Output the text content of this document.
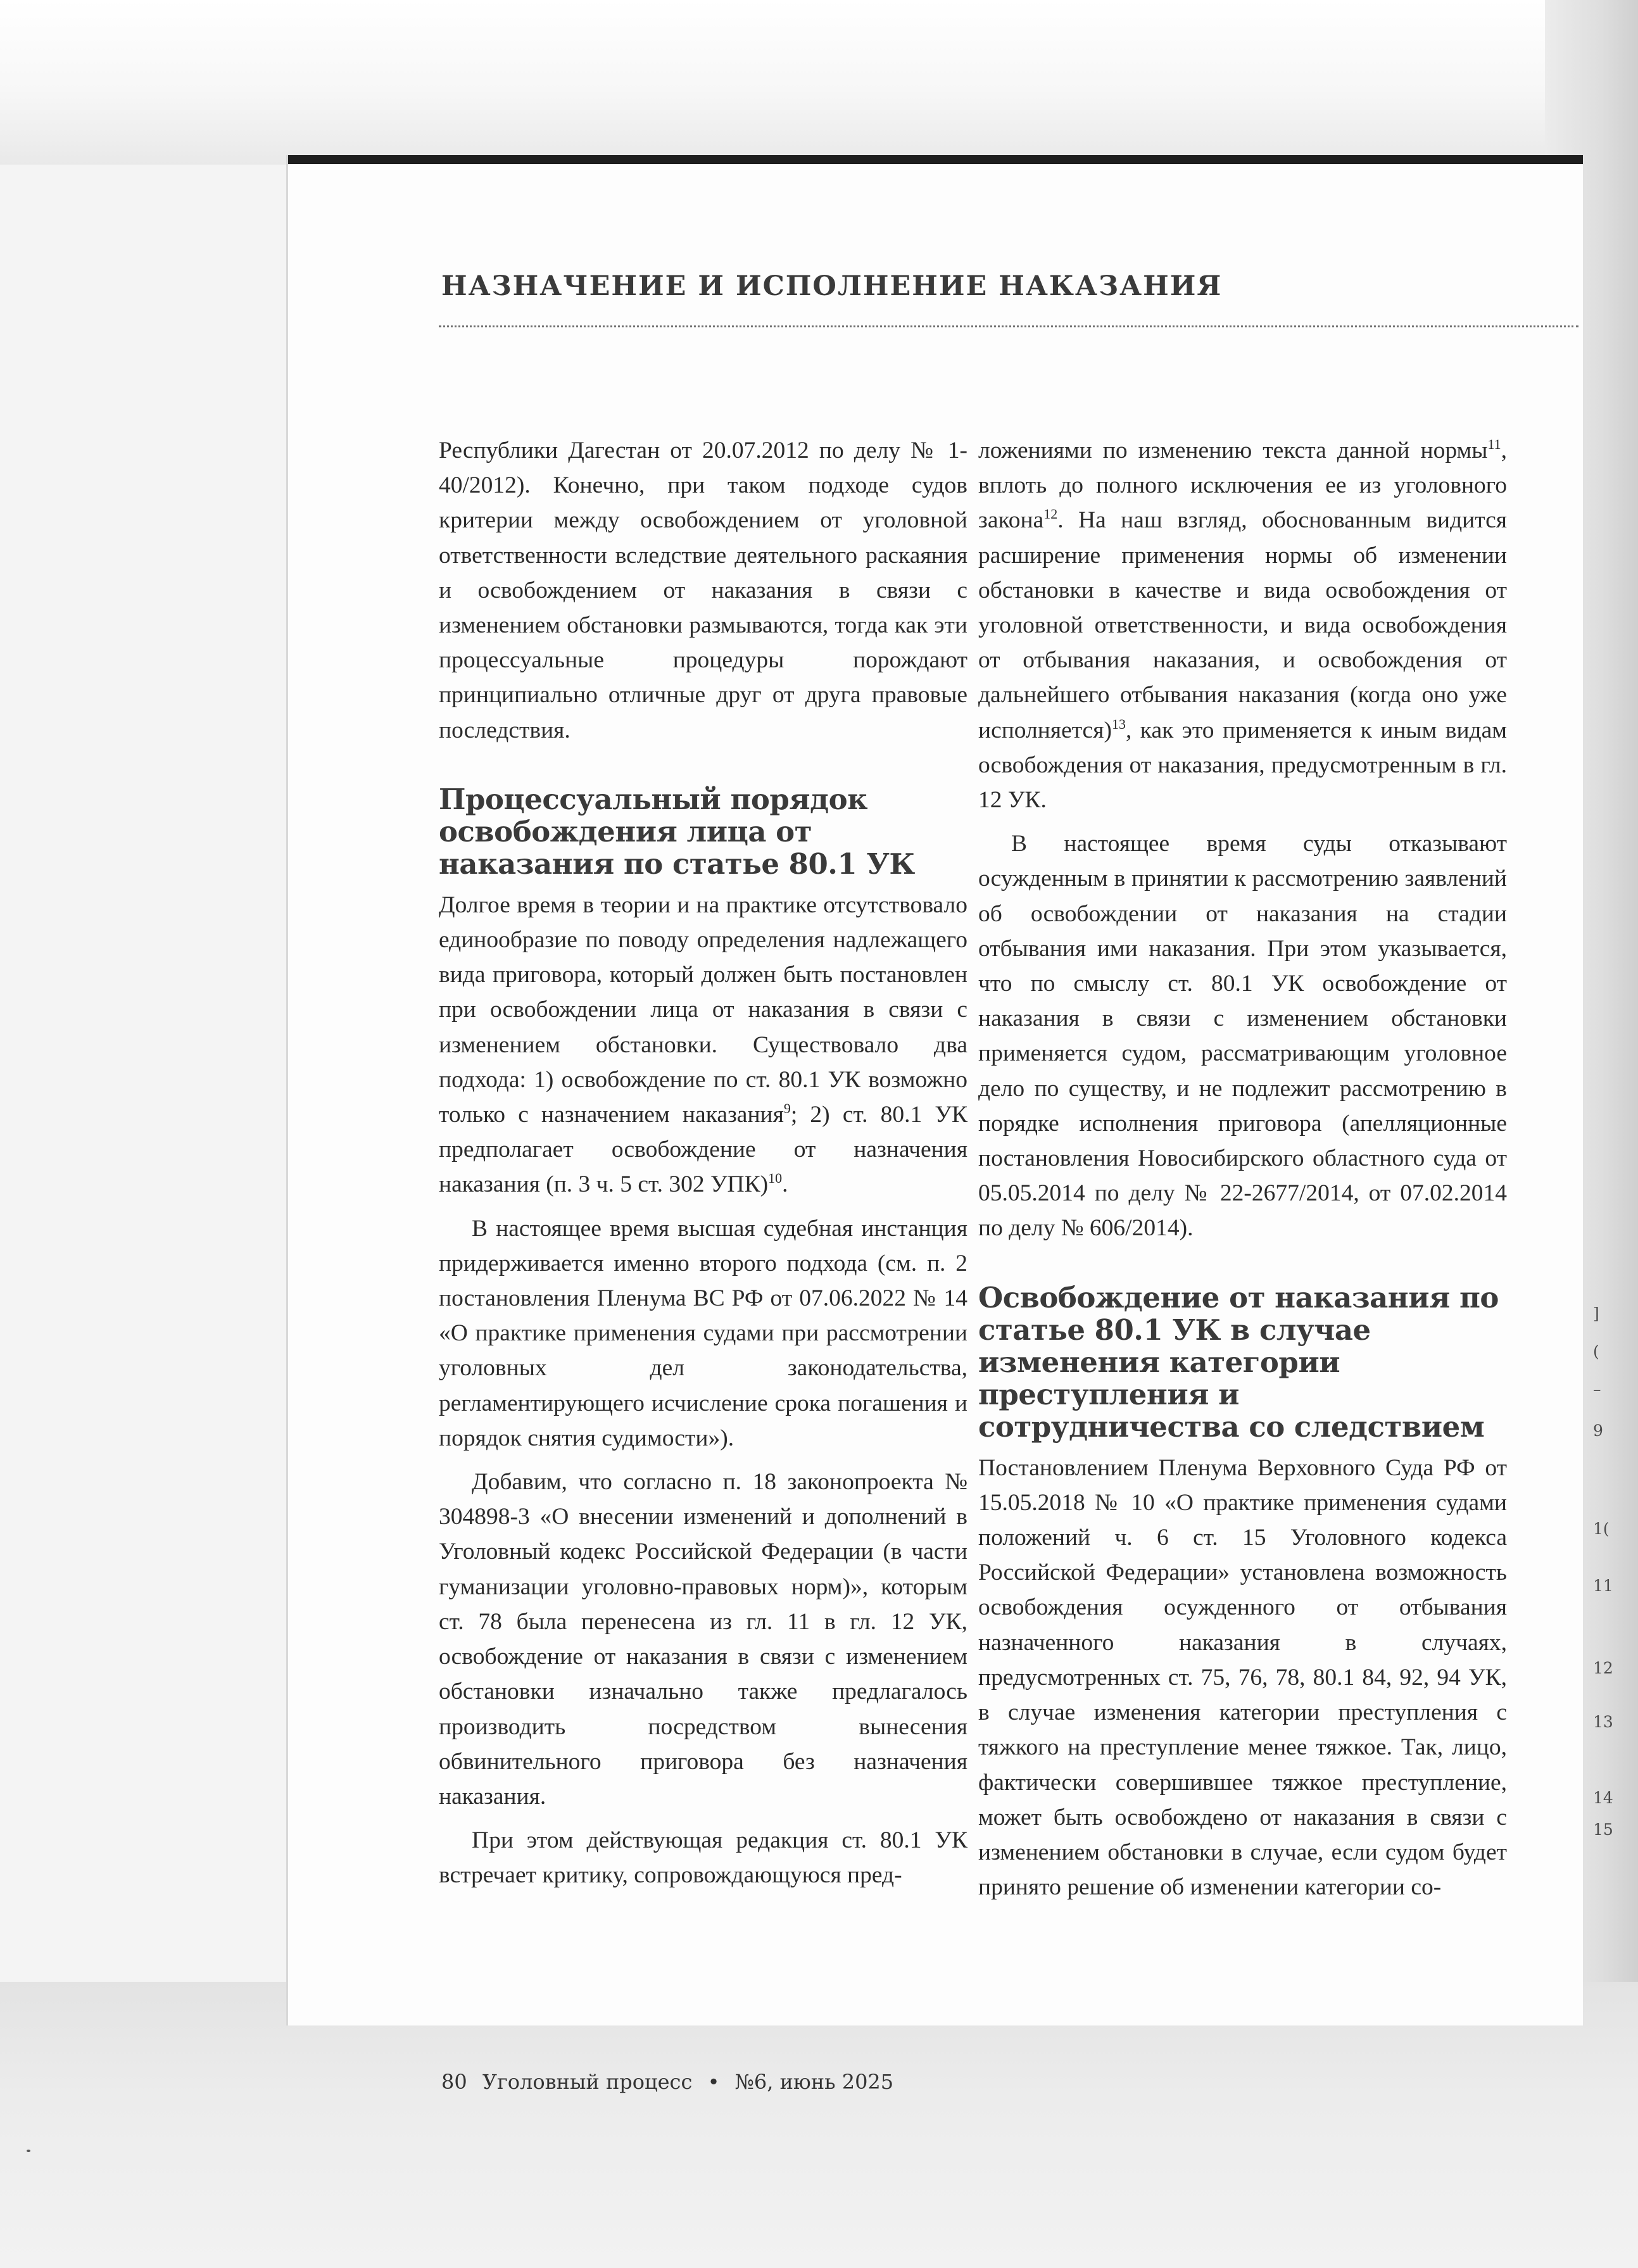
НАЗНАЧЕНИЕ И ИСПОЛНЕНИЕ НАКАЗАНИЯ

Республики Дагестан от 20.07.2012 по делу № 1-40/2012). Конечно, при таком подходе судов критерии между освобождением от уголовной ответственности вследствие деятельного раскаяния и освобождением от наказания в связи с изменением обстановки размываются, тогда как эти процессуальные процедуры порождают принципиально отличные друг от друга правовые последствия.

Процессуальный порядок освобождения лица от наказания по статье 80.1 УК

Долгое время в теории и на практике отсутствовало единообразие по поводу определения надлежащего вида приговора, который должен быть постановлен при освобождении лица от наказания в связи с изменением обстановки. Существовало два подхода: 1) освобождение по ст. 80.1 УК возможно только с назначением наказания$^9$; 2) ст. 80.1 УК предполагает освобождение от назначения наказания (п. 3 ч. 5 ст. 302 УПК)$^{10}$.

В настоящее время высшая судебная инстанция придерживается именно второго подхода (см. п. 2 постановления Пленума ВС РФ от 07.06.2022 № 14 «О практике применения судами при рассмотрении уголовных дел законодательства, регламентирующего исчисление срока погашения и порядок снятия судимости»).

Добавим, что согласно п. 18 законопроекта № 304898-3 «О внесении изменений и дополнений в Уголовный кодекс Российской Федерации (в части гуманизации уголовно-правовых норм)», которым ст. 78 была перенесена из гл. 11 в гл. 12 УК, освобождение от наказания в связи с изменением обстановки изначально также предлагалось производить посредством вынесения обвинительного приговора без назначения наказания.

При этом действующая редакция ст. 80.1 УК встречает критику, сопровождающуюся пред-

ложениями по изменению текста данной нормы$^{11}$, вплоть до полного исключения ее из уголовного закона$^{12}$. На наш взгляд, обоснованным видится расширение применения нормы об изменении обстановки в качестве и вида освобождения от уголовной ответственности, и вида освобождения от отбывания наказания, и освобождения от дальнейшего отбывания наказания (когда оно уже исполняется)$^{13}$, как это применяется к иным видам освобождения от наказания, предусмотренным в гл. 12 УК.

В настоящее время суды отказывают осужденным в принятии к рассмотрению заявлений об освобождении от наказания на стадии отбывания ими наказания. При этом указывается, что по смыслу ст. 80.1 УК освобождение от наказания в связи с изменением обстановки применяется судом, рассматривающим уголовное дело по существу, и не подлежит рассмотрению в порядке исполнения приговора (апелляционные постановления Новосибирского областного суда от 05.05.2014 по делу № 22-2677/2014, от 07.02.2014 по делу № 606/2014).

Освобождение от наказания по статье 80.1 УК в случае изменения категории преступления и сотрудничества со следствием

Постановлением Пленума Верховного Суда РФ от 15.05.2018 № 10 «О практике применения судами положений ч. 6 ст. 15 Уголовного кодекса Российской Федерации» установлена возможность освобождения осужденного от отбывания назначенного наказания в случаях, предусмотренных ст. 75, 76, 78, 80.1 84, 92, 94 УК, в случае изменения категории преступления с тяжкого на преступление менее тяжкое. Так, лицо, фактически совершившее тяжкое преступление, может быть освобождено от наказания в связи с изменением обстановки в случае, если судом будет принято решение об изменении категории со-

80 Уголовный процесс • №6, июнь 2025
]
(
–
9
1(
11
12
13
14
15
